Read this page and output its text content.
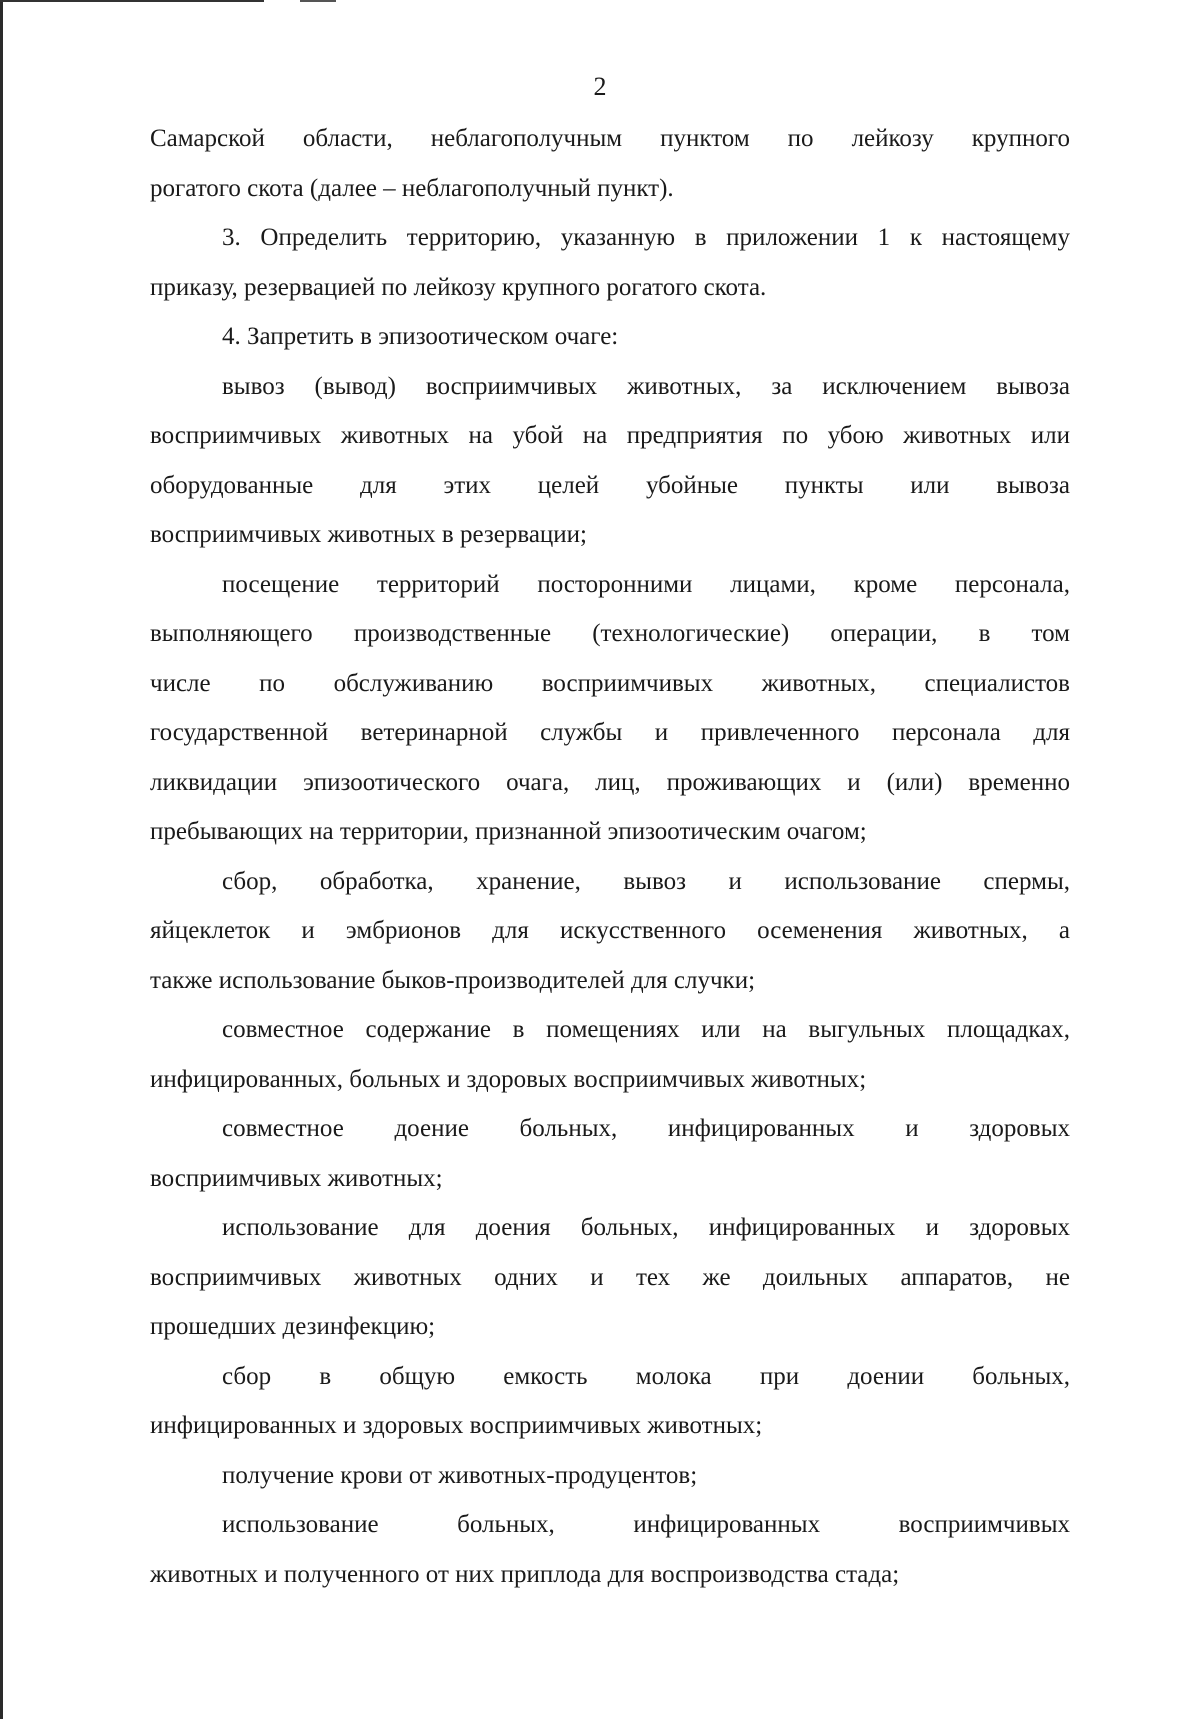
2
Самарской области, неблагополучным пунктом по лейкозу крупного
рогатого скота (далее – неблагополучный пункт).
3. Определить территорию, указанную в приложении 1 к настоящему
приказу, резервацией по лейкозу крупного рогатого скота.
4. Запретить в эпизоотическом очаге:
вывоз (вывод) восприимчивых животных, за исключением вывоза
восприимчивых животных на убой на предприятия по убою животных или
оборудованные для этих целей убойные пункты или вывоза
восприимчивых животных в резервации;
посещение территорий посторонними лицами, кроме персонала,
выполняющего производственные (технологические) операции, в том
числе по обслуживанию восприимчивых животных, специалистов
государственной ветеринарной службы и привлеченного персонала для
ликвидации эпизоотического очага, лиц, проживающих и (или) временно
пребывающих на территории, признанной эпизоотическим очагом;
сбор, обработка, хранение, вывоз и использование спермы,
яйцеклеток и эмбрионов для искусственного осеменения животных, а
также использование быков-производителей для случки;
совместное содержание в помещениях или на выгульных площадках,
инфицированных, больных и здоровых восприимчивых животных;
совместное доение больных, инфицированных и здоровых
восприимчивых животных;
использование для доения больных, инфицированных и здоровых
восприимчивых животных одних и тех же доильных аппаратов, не
прошедших дезинфекцию;
сбор в общую емкость молока при доении больных,
инфицированных и здоровых восприимчивых животных;
получение крови от животных-продуцентов;
использование больных, инфицированных восприимчивых
животных и полученного от них приплода для воспроизводства стада;
